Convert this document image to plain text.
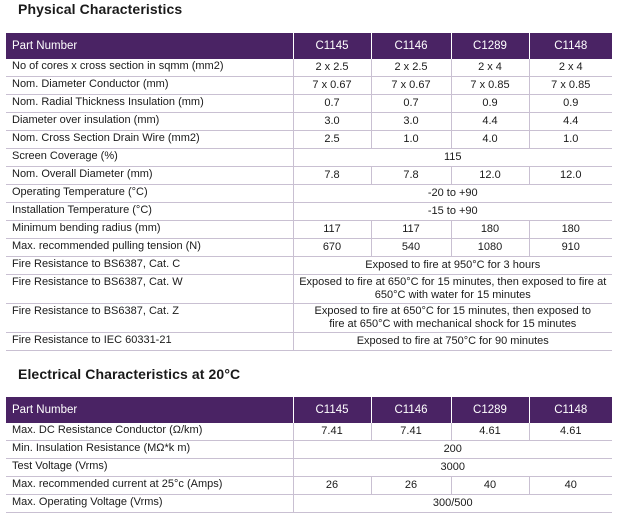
Physical Characteristics
Part Number	C1145	C1146	C1289	C1148
No of cores x cross section in sqmm (mm2)	2 x 2.5	2 x 2.5	2 x 4	2 x 4
Nom. Diameter Conductor (mm)	7 x 0.67	7 x 0.67	7 x 0.85	7 x 0.85
Nom. Radial Thickness Insulation (mm)	0.7	0.7	0.9	0.9
Diameter over insulation (mm)	3.0	3.0	4.4	4.4
Nom. Cross Section Drain Wire (mm2)	2.5	1.0	4.0	1.0
Screen Coverage (%)	115			
Nom. Overall Diameter (mm)	7.8	7.8	12.0	12.0
Operating Temperature (°C)	-20 to +90			
Installation Temperature (°C)	-15 to +90			
Minimum bending radius (mm)	117	117	180	180
Max. recommended pulling tension (N)	670	540	1080	910
Fire Resistance to BS6387, Cat. C	Exposed to fire at 950°C for 3 hours			
Fire Resistance to BS6387, Cat. W	Exposed to fire at 650°C for 15 minutes, then exposed to fire at 650°C with water for 15 minutes			
Fire Resistance to BS6387, Cat. Z	Exposed to fire at 650°C for 15 minutes, then exposed to fire at 650°C with mechanical shock for 15 minutes			
Fire Resistance to IEC 60331-21	Exposed to fire at 750°C for 90 minutes			
Electrical Characteristics at 20°C
Part Number	C1145	C1146	C1289	C1148
Max. DC Resistance Conductor (Ω/km)	7.41	7.41	4.61	4.61
Min. Insulation Resistance (MΩ*k m)	200			
Test Voltage (Vrms)	3000			
Max. recommended current at 25°c (Amps)	26	26	40	40
Max. Operating Voltage (Vrms)	300/500			
